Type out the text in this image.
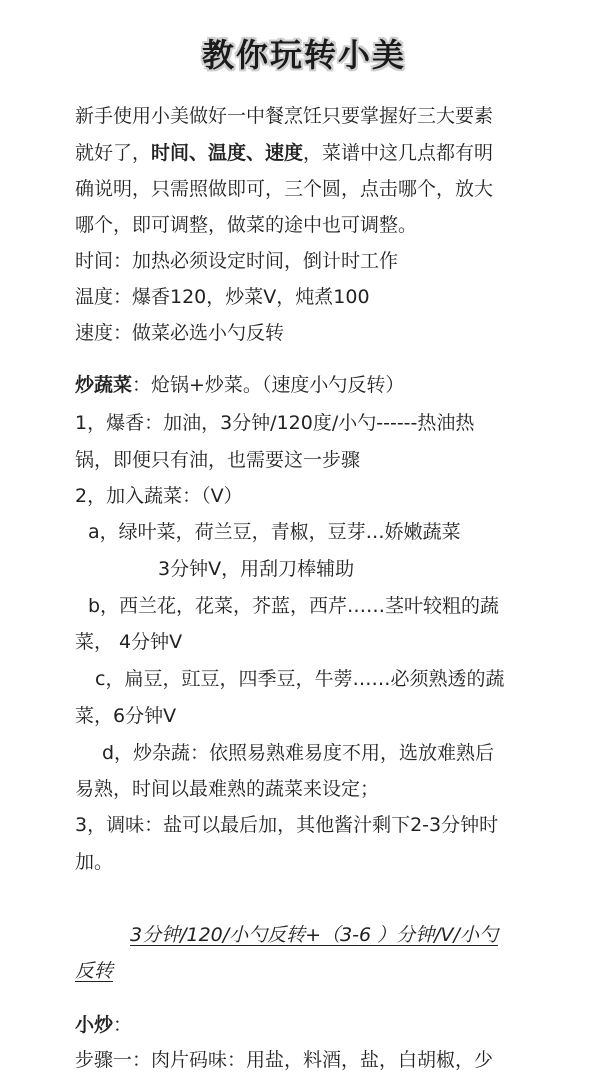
教你玩转小美
新手使用小美做好一中餐烹饪只要掌握好三大要素
就好了，时间、温度、速度，菜谱中这几点都有明
确说明，只需照做即可，三个圆，点击哪个，放大
哪个，即可调整，做菜的途中也可调整。
时间：加热必须设定时间，倒计时工作
温度：爆香120，炒菜V，炖煮100
速度：做菜必选小勺反转
炒蔬菜：炝锅+炒菜。（速度小勺反转）
1，爆香：加油，3分钟/120度/小勺------热油热
锅，即便只有油，也需要这一步骤
2，加入蔬菜：（V）
a，绿叶菜，荷兰豆，青椒，豆芽…娇嫩蔬菜
3分钟V，用刮刀棒辅助
b，西兰花，花菜，芥蓝，西芹……茎叶较粗的蔬
菜， 4分钟V
c，扁豆，豇豆，四季豆，牛蒡……必须熟透的蔬
菜，6分钟V
d，炒杂蔬：依照易熟难易度不用，选放难熟后
易熟，时间以最难熟的蔬菜来设定；
3，调味：盐可以最后加，其他酱汁剩下2-3分钟时
加。
3分钟/120/小勺反转+（3-6 ）分钟/V/小勺
反转
小炒：
步骤一：肉片码味：用盐，料酒，盐，白胡椒，少
